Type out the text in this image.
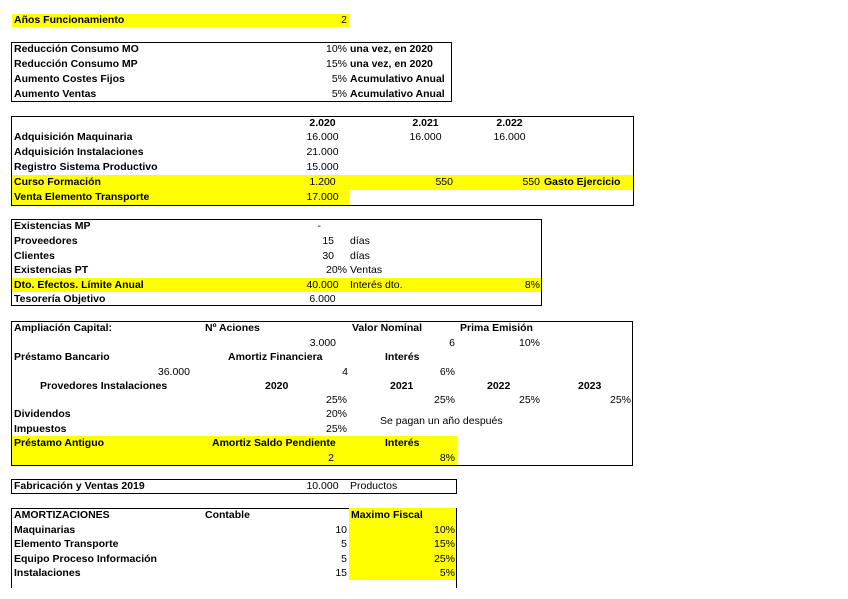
Años Funcionamiento	2
Reducción Consumo MO	10% una vez, en 2020
Reducción Consumo MP	15% una vez, en 2020
Aumento Costes Fijos	5% Acumulativo Anual
Aumento Ventas	5% Acumulativo Anual
2.020	2.021	2.022
Adquisición Maquinaria	16.000	16.000	16.000
Adquisición Instalaciones	21.000
Registro Sistema Productivo	15.000
Curso Formación	1.200	550	550 Gasto Ejercicio
Venta Elemento Transporte	17.000
Existencias MP	-
Proveedores	15 días
Clientes	30 días
Existencias PT	20% Ventas
Dto. Efectos. Límite Anual	40.000	Interés dto.	8%
Tesorería Objetivo	6.000
Ampliación Capital:	Nº Aciones	Valor Nominal	Prima Emisión
3.000	6	10%
Préstamo Bancario	Amortiz Financiera	Interés
36.000	4	6%
Provedores Instalaciones	2020	2021	2022	2023
25%	25%	25%	25%
Dividendos	20%
Se pagan un año después
Impuestos	25%
Préstamo Antiguo	Amortiz Saldo Pendiente	Interés
2	8%
Fabricación y Ventas 2019	10.000	Productos
AMORTIZACIONES	Contable	Maximo Fiscal
Maquinarias	10	10%
Elemento Transporte	5	15%
Equipo Proceso Información	5	25%
Instalaciones	15	5%
